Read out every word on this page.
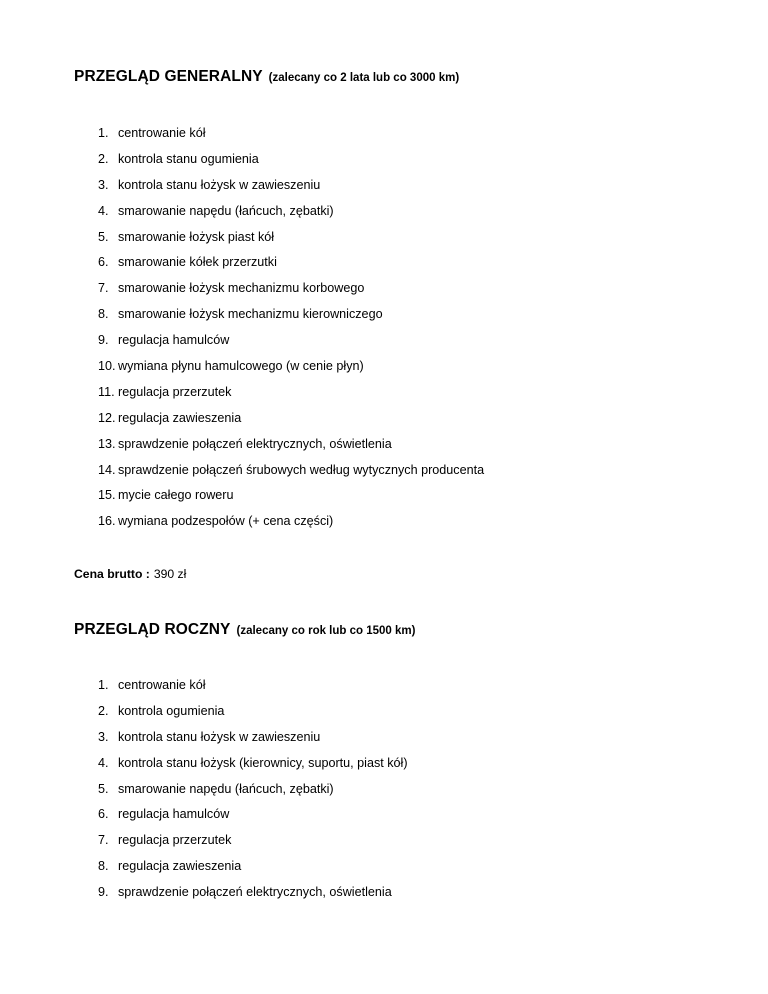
PRZEGLĄD GENERALNY (zalecany co 2 lata lub co 3000 km)
1. centrowanie kół
2. kontrola stanu ogumienia
3. kontrola stanu łożysk w zawieszeniu
4. smarowanie napędu (łańcuch, zębatki)
5. smarowanie łożysk piast kół
6. smarowanie kółek przerzutki
7. smarowanie łożysk mechanizmu korbowego
8. smarowanie łożysk mechanizmu kierowniczego
9. regulacja hamulców
10. wymiana płynu hamulcowego (w cenie płyn)
11. regulacja przerzutek
12. regulacja zawieszenia
13. sprawdzenie połączeń elektrycznych, oświetlenia
14. sprawdzenie połączeń śrubowych według wytycznych producenta
15. mycie całego roweru
16. wymiana podzespołów (+ cena części)
Cena brutto : 390 zł
PRZEGLĄD ROCZNY (zalecany co rok lub co 1500 km)
1. centrowanie kół
2. kontrola ogumienia
3. kontrola stanu łożysk w zawieszeniu
4. kontrola stanu łożysk (kierownicy, suportu, piast kół)
5. smarowanie napędu (łańcuch, zębatki)
6. regulacja hamulców
7. regulacja przerzutek
8. regulacja zawieszenia
9. sprawdzenie połączeń elektrycznych, oświetlenia
